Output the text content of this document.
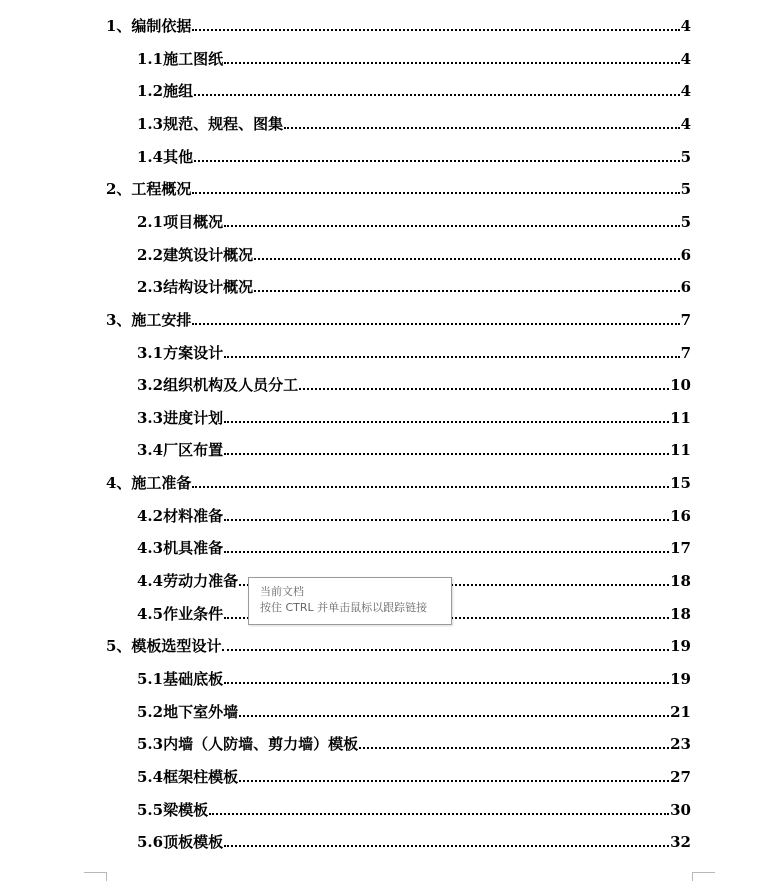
1、编制依据	4
1.1施工图纸	4
1.2施组	4
1.3规范、规程、图集	4
1.4其他	5
2、工程概况	5
2.1项目概况	5
2.2建筑设计概况	6
2.3结构设计概况	6
3、施工安排	7
3.1方案设计	7
3.2组织机构及人员分工	10
3.3进度计划	11
3.4厂区布置	11
4、施工准备	15
4.2材料准备	16
4.3机具准备	17
4.4劳动力准备	18
4.5作业条件	18
5、模板选型设计	19
5.1基础底板	19
5.2地下室外墙	21
5.3内墙（人防墙、剪力墙）模板	23
5.4框架柱模板	27
5.5梁模板	30
5.6顶板模板	32
当前文档
按住 CTRL 并单击鼠标以跟踪链接
